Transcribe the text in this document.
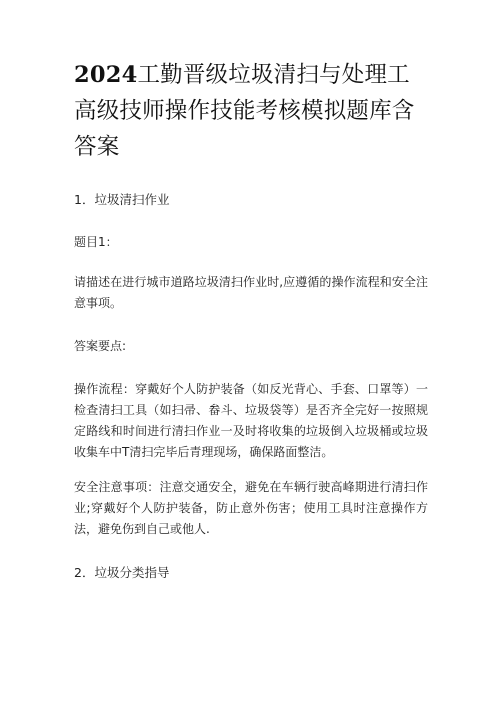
2024工勤晋级垃圾清扫与处理工高级技师操作技能考核模拟题库含答案

1．垃圾清扫作业

题目1：

请描述在进行城市道路垃圾清扫作业时,应遵循的操作流程和安全注意事项。

答案要点:

操作流程：穿戴好个人防护装备（如反光背心、手套、口罩等）一检查清扫工具（如扫帚、畚斗、垃圾袋等）是否齐全完好一按照规定路线和时间进行清扫作业一及时将收集的垃圾倒入垃圾桶或垃圾收集车中T清扫完毕后青理现场，确保路面整洁。

安全注意事项：注意交通安全，避免在车辆行驶高峰期进行清扫作业;穿戴好个人防护装备，防止意外伤害；使用工具时注意操作方法，避免伤到自己或他人.

2．垃圾分类指导
